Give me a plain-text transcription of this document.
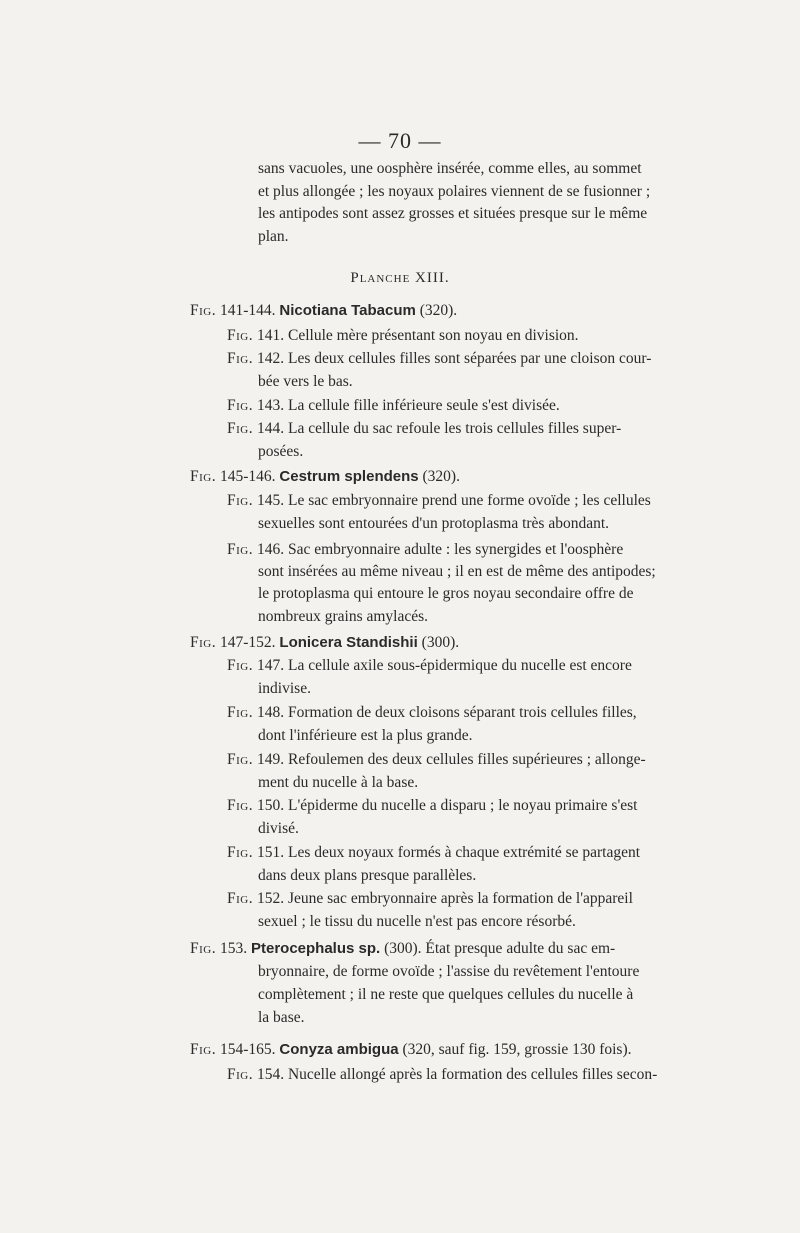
— 70 —
sans vacuoles, une oosphère insérée, comme elles, au sommet
et plus allongée ; les noyaux polaires viennent de se fusionner ;
les antipodes sont assez grosses et situées presque sur le même
plan.
Planche XIII.
Fig. 141-144. Nicotiana Tabacum (320).
Fig. 141. Cellule mère présentant son noyau en division.
Fig. 142. Les deux cellules filles sont séparées par une cloison cour-
bée vers le bas.
Fig. 143. La cellule fille inférieure seule s'est divisée.
Fig. 144. La cellule du sac refoule les trois cellules filles super-
posées.
Fig. 145-146. Cestrum splendens (320).
Fig. 145. Le sac embryonnaire prend une forme ovoïde ; les cellules
sexuelles sont entourées d'un protoplasma très abondant.
Fig. 146. Sac embryonnaire adulte : les synergides et l'oosphère
sont insérées au même niveau ; il en est de même des antipodes;
le protoplasma qui entoure le gros noyau secondaire offre de
nombreux grains amylacés.
Fig. 147-152. Lonicera Standishii (300).
Fig. 147. La cellule axile sous-épidermique du nucelle est encore
indivise.
Fig. 148. Formation de deux cloisons séparant trois cellules filles,
dont l'inférieure est la plus grande.
Fig. 149. Refoulemen des deux cellules filles supérieures ; allonge-
ment du nucelle à la base.
Fig. 150. L'épiderme du nucelle a disparu ; le noyau primaire s'est
divisé.
Fig. 151. Les deux noyaux formés à chaque extrémité se partagent
dans deux plans presque parallèles.
Fig. 152. Jeune sac embryonnaire après la formation de l'appareil
sexuel ; le tissu du nucelle n'est pas encore résorbé.
Fig. 153. Pterocephalus sp. (300). État presque adulte du sac em-
bryonnaire, de forme ovoïde ; l'assise du revêtement l'entoure
complètement ; il ne reste que quelques cellules du nucelle à
la base.
Fig. 154-165. Conyza ambigua (320, sauf fig. 159, grossie 130 fois).
Fig. 154. Nucelle allongé après la formation des cellules filles secon-
